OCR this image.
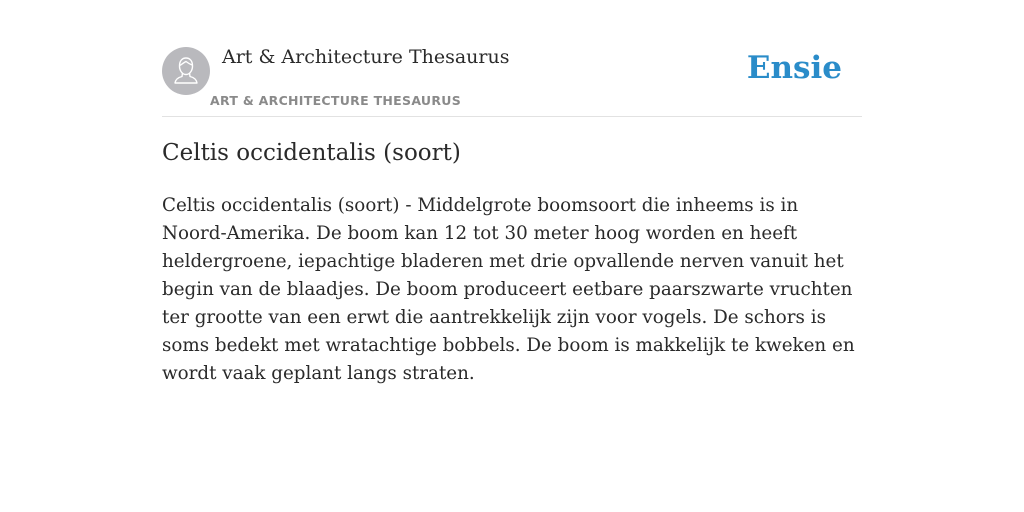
Art & Architecture Thesaurus
ART & ARCHITECTURE THESAURUS
Ensie
Celtis occidentalis (soort)

Celtis occidentalis (soort) - Middelgrote boomsoort die inheems is in Noord-Amerika. De boom kan 12 tot 30 meter hoog worden en heeft heldergroene, iepachtige bladeren met drie opvallende nerven vanuit het begin van de blaadjes. De boom produceert eetbare paarszwarte vruchten ter grootte van een erwt die aantrekkelijk zijn voor vogels. De schors is soms bedekt met wratachtige bobbels. De boom is makkelijk te kweken en wordt vaak geplant langs straten.
